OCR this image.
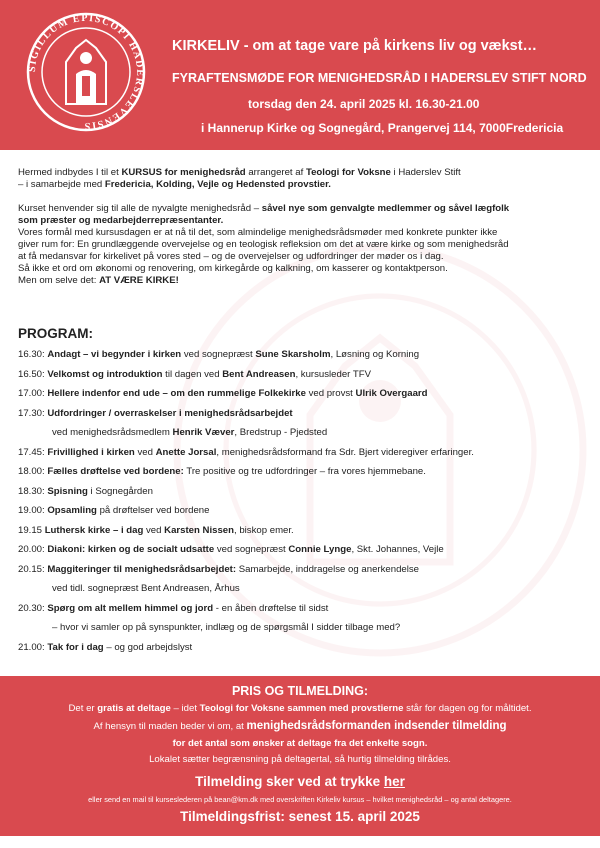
SIGILLUM EPISCOPI HADERSLEVENSIS
KIRKELIV - om at tage vare på kirkens liv og vækst…
FYRAFTENSMØDE FOR MENIGHEDSRÅD I HADERSLEV STIFT NORD
torsdag den 24. april 2025 kl. 16.30-21.00
i Hannerup Kirke og Sognegård, Prangervej 114, 7000Fredericia

Hermed indbydes I til et KURSUS for menighedsråd arrangeret af Teologi for Voksne i Haderslev Stift

– i samarbejde med Fredericia, Kolding, Vejle og Hedensted provstier.

Kurset henvender sig til alle de nyvalgte menighedsråd – såvel nye som genvalgte medlemmer og såvel lægfolk

som præster og medarbejderrepræsentanter.

Vores formål med kursusdagen er at nå til det, som almindelige menighedsrådsmøder med konkrete punkter ikke

giver rum for: En grundlæggende overvejelse og en teologisk refleksion om det at være kirke og som menighedsråd

at få medansvar for kirkelivet på vores sted – og de overvejelser og udfordringer der møder os i dag.

Så ikke et ord om økonomi og renovering, om kirkegårde og kalkning, om kasserer og kontaktperson.

Men om selve det: AT VÆRE KIRKE!

PROGRAM:
16.30: Andagt – vi begynder i kirken ved sognepræst Sune Skarsholm, Løsning og Korning
16.50: Velkomst og introduktion til dagen ved Bent Andreasen, kursusleder TFV
17.00: Hellere indenfor end ude – om den rummelige Folkekirke ved provst Ulrik Overgaard
17.30: Udfordringer / overraskelser i menighedsrådsarbejdet
ved menighedsrådsmedlem Henrik Væver, Bredstrup - Pjedsted
17.45: Frivillighed i kirken ved Anette Jorsal, menighedsrådsformand fra Sdr. Bjert videregiver erfaringer.
18.00: Fælles drøftelse ved bordene: Tre positive og tre udfordringer – fra vores hjemmebane.
18.30: Spisning i Sognegården
19.00: Opsamling på drøftelser ved bordene
19.15 Luthersk kirke – i dag ved Karsten Nissen, biskop emer.
20.00: Diakoni: kirken og de socialt udsatte ved sognepræst Connie Lynge, Skt. Johannes, Vejle
20.15: Maggiteringer til menighedsrådsarbejdet: Samarbejde, inddragelse og anerkendelse
ved tidl. sognepræst Bent Andreasen, Århus
20.30: Spørg om alt mellem himmel og jord - en åben drøftelse til sidst
– hvor vi samler op på synspunkter, indlæg og de spørgsmål I sidder tilbage med?
21.00: Tak for i dag – og god arbejdslyst
PRIS OG TILMELDING:
Det er gratis at deltage – idet Teologi for Voksne sammen med provstierne står for dagen og for måltidet.
Af hensyn til maden beder vi om, at menighedsrådsformanden indsender tilmelding
for det antal som ønsker at deltage fra det enkelte sogn.
Lokalet sætter begrænsning på deltagertal, så hurtig tilmelding tilrådes.
Tilmelding sker ved at trykke her
eller send en mail til kurseslederen på bean@km.dk med overskriften Kirkeliv kursus – hvilket menighedsråd – og antal deltagere.
Tilmeldingsfrist: senest 15. april 2025
